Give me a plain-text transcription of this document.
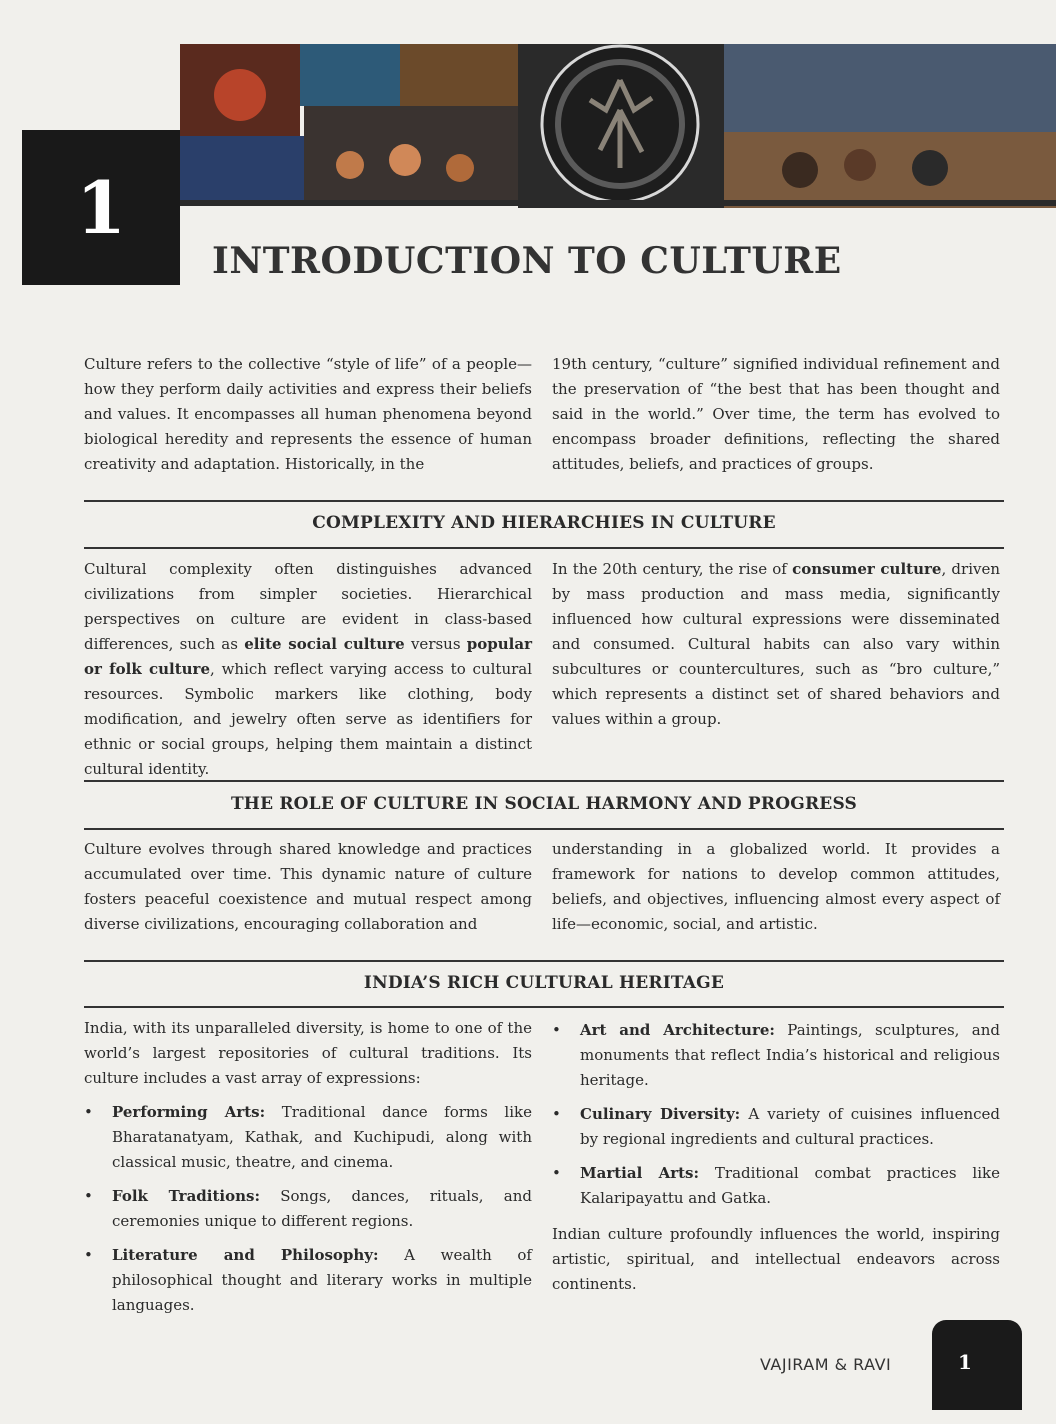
1
INTRODUCTION TO CULTURE

Culture refers to the collective “style of life” of a people—how they perform daily activities and express their beliefs and values. It encompasses all human phenomena beyond biological heredity and represents the essence of human creativity and adaptation. Historically, in the

19th century, “culture” signified individual refinement and the preservation of “the best that has been thought and said in the world.” Over time, the term has evolved to encompass broader definitions, reflecting the shared attitudes, beliefs, and practices of groups.

COMPLEXITY AND HIERARCHIES IN CULTURE

Cultural complexity often distinguishes advanced civilizations from simpler societies. Hierarchical perspectives on culture are evident in class-based differences, such as elite social culture versus popular or folk culture, which reflect varying access to cultural resources. Symbolic markers like clothing, body modification, and jewelry often serve as identifiers for ethnic or social groups, helping them maintain a distinct cultural identity.

In the 20th century, the rise of consumer culture, driven by mass production and mass media, significantly influenced how cultural expressions were disseminated and consumed. Cultural habits can also vary within subcultures or countercultures, such as “bro culture,” which represents a distinct set of shared behaviors and values within a group.

THE ROLE OF CULTURE IN SOCIAL HARMONY AND PROGRESS

Culture evolves through shared knowledge and practices accumulated over time. This dynamic nature of culture fosters peaceful coexistence and mutual respect among diverse civilizations, encouraging collaboration and

understanding in a globalized world. It provides a framework for nations to develop common attitudes, beliefs, and objectives, influencing almost every aspect of life—economic, social, and artistic.

INDIA’S RICH CULTURAL HERITAGE

India, with its unparalleled diversity, is home to one of the world’s largest repositories of cultural traditions. Its culture includes a vast array of expressions:

• Performing Arts: Traditional dance forms like Bharatanatyam, Kathak, and Kuchipudi, along with classical music, theatre, and cinema.
• Folk Traditions: Songs, dances, rituals, and ceremonies unique to different regions.
• Literature and Philosophy: A wealth of philosophical thought and literary works in multiple languages.
• Art and Architecture: Paintings, sculptures, and monuments that reflect India’s historical and religious heritage.
• Culinary Diversity: A variety of cuisines influenced by regional ingredients and cultural practices.
• Martial Arts: Traditional combat practices like Kalaripayattu and Gatka.

Indian culture profoundly influences the world, inspiring artistic, spiritual, and intellectual endeavors across continents.

VAJIRAM & RAVI	1
